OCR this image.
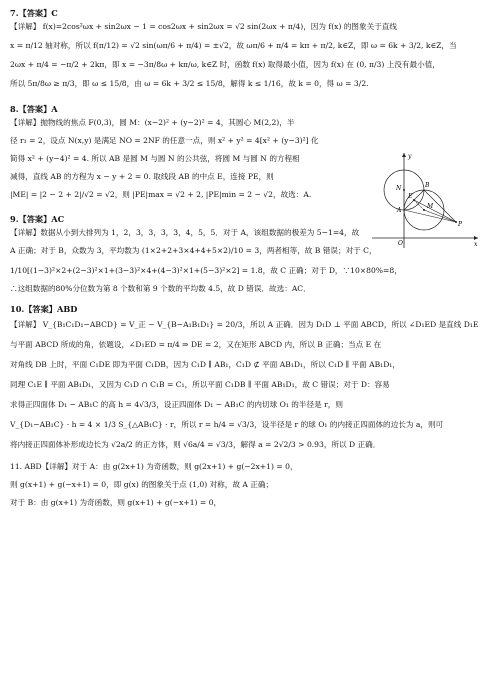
7.【答案】C
【详解】 f(x)=2cos²ωx + sin2ωx − 1 = cos2ωx + sin2ωx = √2 sin(2ωx + π/4)，因为 f(x) 的图象关于直线
x = π/12 轴对称，所以 f(π/12) = √2 sin(ωπ/6 + π/4) = ±√2，故 ωπ/6 + π/4 = kπ + π/2, k∈Z，即 ω = 6k + 3/2, k∈Z，当
2ωx + π/4 = −π/2 + 2kπ，即 x = −3π/8ω + kπ/ω, k∈Z 时，函数 f(x) 取得最小值，因为 f(x) 在 (0, π/3) 上没有最小值，
所以 5π/8ω ≥ π/3，即 ω ≤ 15/8，由 ω = 6k + 3/2 ≤ 15/8，解得 k ≤ 1/16，故 k = 0，得 ω = 3/2.
8.【答案】A
【详解】抛物线的焦点 F(0,3)，圆 M：(x−2)² + (y−2)² = 4，其圆心 M(2,2)，半
径 r₁ = 2，设点 N(x,y) 是满足 NO = 2NF 的任意一点，则 x² + y² = 4[x² + (y−3)²] 化
简得 x² + (y−4)² = 4. 所以 AB 是圆 M 与圆 N 的公共弦，将圆 M 与圆 N 的方程相
减得，直线 AB 的方程为 x − y + 2 = 0. 取线段 AB 的中点 E，连接 PE，则
|ME| = |2 − 2 + 2|/√2 = √2，则 |PE|max = √2 + 2, |PE|min = 2 − √2，故选：A.
y
N
E
M
A
B
P
O	x
9.【答案】AC
【详解】数据从小到大排列为 1，2，3，3，3，3，4，5，5．对于 A，该组数据的极差为 5−1=4，故
A 正确；对于 B，众数为 3，平均数为 (1×2+2+3×4+4+5×2)/10 = 3，两者相等，故 B 错误；对于 C，
1/10[(1−3)²×2+(2−3)²×1+(3−3)²×4+(4−3)²×1+(5−3)²×2] = 1.8，故 C 正确；对于 D，∵10×80%=8，
∴这组数据的80%分位数为第 8 个数和第 9 个数的平均数 4.5，故 D 错误．故选：AC．
10.【答案】ABD
【详解】 V_{B₁C₁D₁−ABCD} = V_正 − V_{B−A₁B₁D₁} = 20/3，所以 A 正确．因为 D₁D ⊥ 平面 ABCD，所以 ∠D₁ED 是直线 D₁E
与平面 ABCD 所成的角，依题设，∠D₁ED = π/4 ⇒ DE = 2，又在矩形 ABCD 内，所以 B 正确；当点 E 在
对角线 DB 上时，平面 C₁DE 即为平面 C₁DB，因为 C₁D ∥ AB₁，C₁D ⊄ 平面 AB₁D₁，所以 C₁D ∥ 平面 AB₁D₁，
同理 C₁E ∥ 平面 AB₁D₁，又因为 C₁D ∩ C₁B = C₁，所以平面 C₁DB ∥ 平面 AB₁D₁，故 C 错误；对于 D：容易
求得正四面体 D₁ − AB₁C 的高 h = 4√3/3，设正四面体 D₁ − AB₁C 的内切球 O₁ 的半径是 r，则
V_{D₁−AB₁C} · h = 4 × 1/3 S_{△AB₁C} · r，所以 r = h/4 = √3/3，设半径是 r 的球 O₁ 的内接正四面体的边长为 a，则可
将内接正四面体补形成边长为 √2a/2 的正方体，则 √6a/4 = √3/3，解得 a = 2√2/3 > 0.93，所以 D 正确．
11. ABD【详解】对于 A：由 g(2x+1) 为奇函数，则 g(2x+1) + g(−2x+1) = 0，
则 g(x+1) + g(−x+1) = 0，即 g(x) 的图象关于点 (1,0) 对称，故 A 正确；
对于 B：由 g(x+1) 为奇函数，则 g(x+1) + g(−x+1) = 0，
